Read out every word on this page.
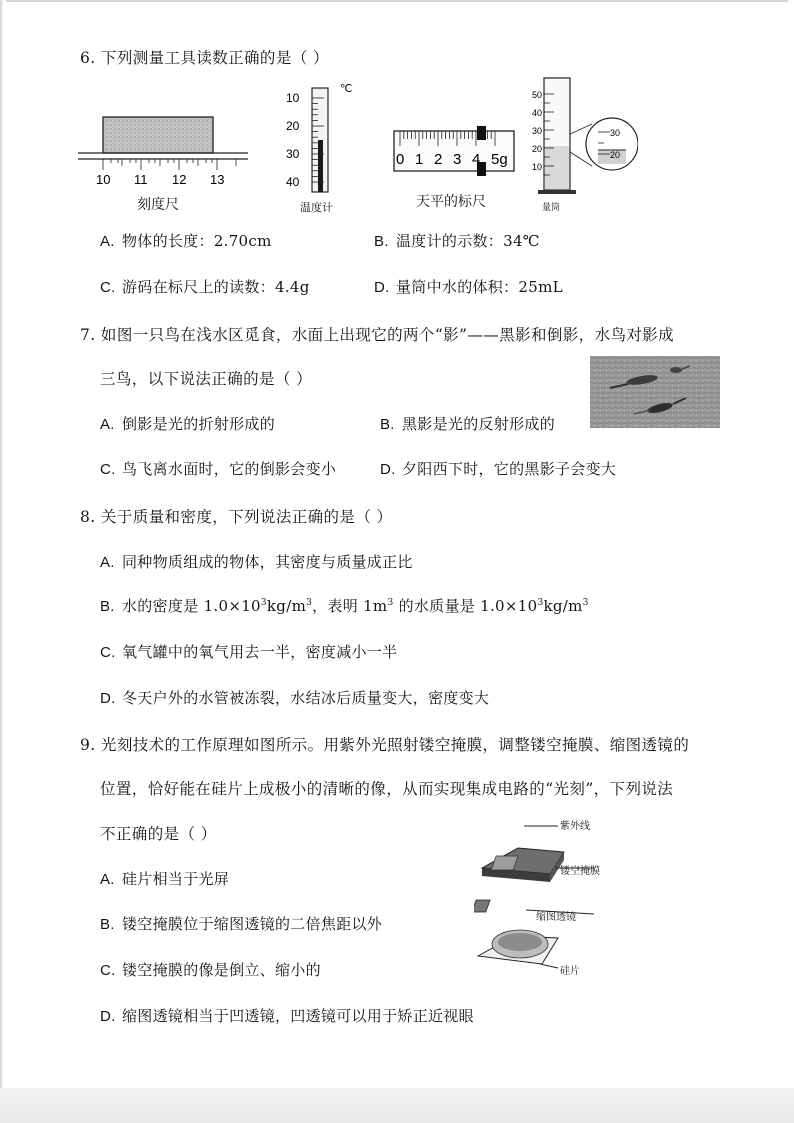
6. 下列测量工具读数正确的是（ ）
10 11 12 13
刻度尺
℃
10
20
30
40
温度计
0 1 2 3 4 5g
天平的标尺
50
40
30
20
10
30
20
量筒
A. 物体的长度：2.70cm	B. 温度计的示数：34℃
C. 游码在标尺上的读数：4.4g	D. 量筒中水的体积：25mL
7. 如图一只鸟在浅水区觅食，水面上出现它的两个“影”——黑影和倒影，水鸟对影成
三鸟，以下说法正确的是（ ）
A. 倒影是光的折射形成的	B. 黑影是光的反射形成的
C. 鸟飞离水面时，它的倒影会变小	D. 夕阳西下时，它的黑影子会变大
8. 关于质量和密度，下列说法正确的是（ ）
A. 同种物质组成的物体，其密度与质量成正比
B. 水的密度是 $1.0\times 10^3kg/m^3$，表明 $1m^3$ 的水质量是 $1.0\times 10^3kg/m^3$
C. 氧气罐中的氧气用去一半，密度减小一半
D. 冬天户外的水管被冻裂，水结冰后质量变大，密度变大
9. 光刻技术的工作原理如图所示。用紫外光照射镂空掩膜，调整镂空掩膜、缩图透镜的
位置，恰好能在硅片上成极小的清晰的像，从而实现集成电路的“光刻”，下列说法
不正确的是（ ）	紫外线
镂空掩膜
缩图透镜
硅片
A. 硅片相当于光屏
B. 镂空掩膜位于缩图透镜的二倍焦距以外
C. 镂空掩膜的像是倒立、缩小的
D. 缩图透镜相当于凹透镜，凹透镜可以用于矫正近视眼
